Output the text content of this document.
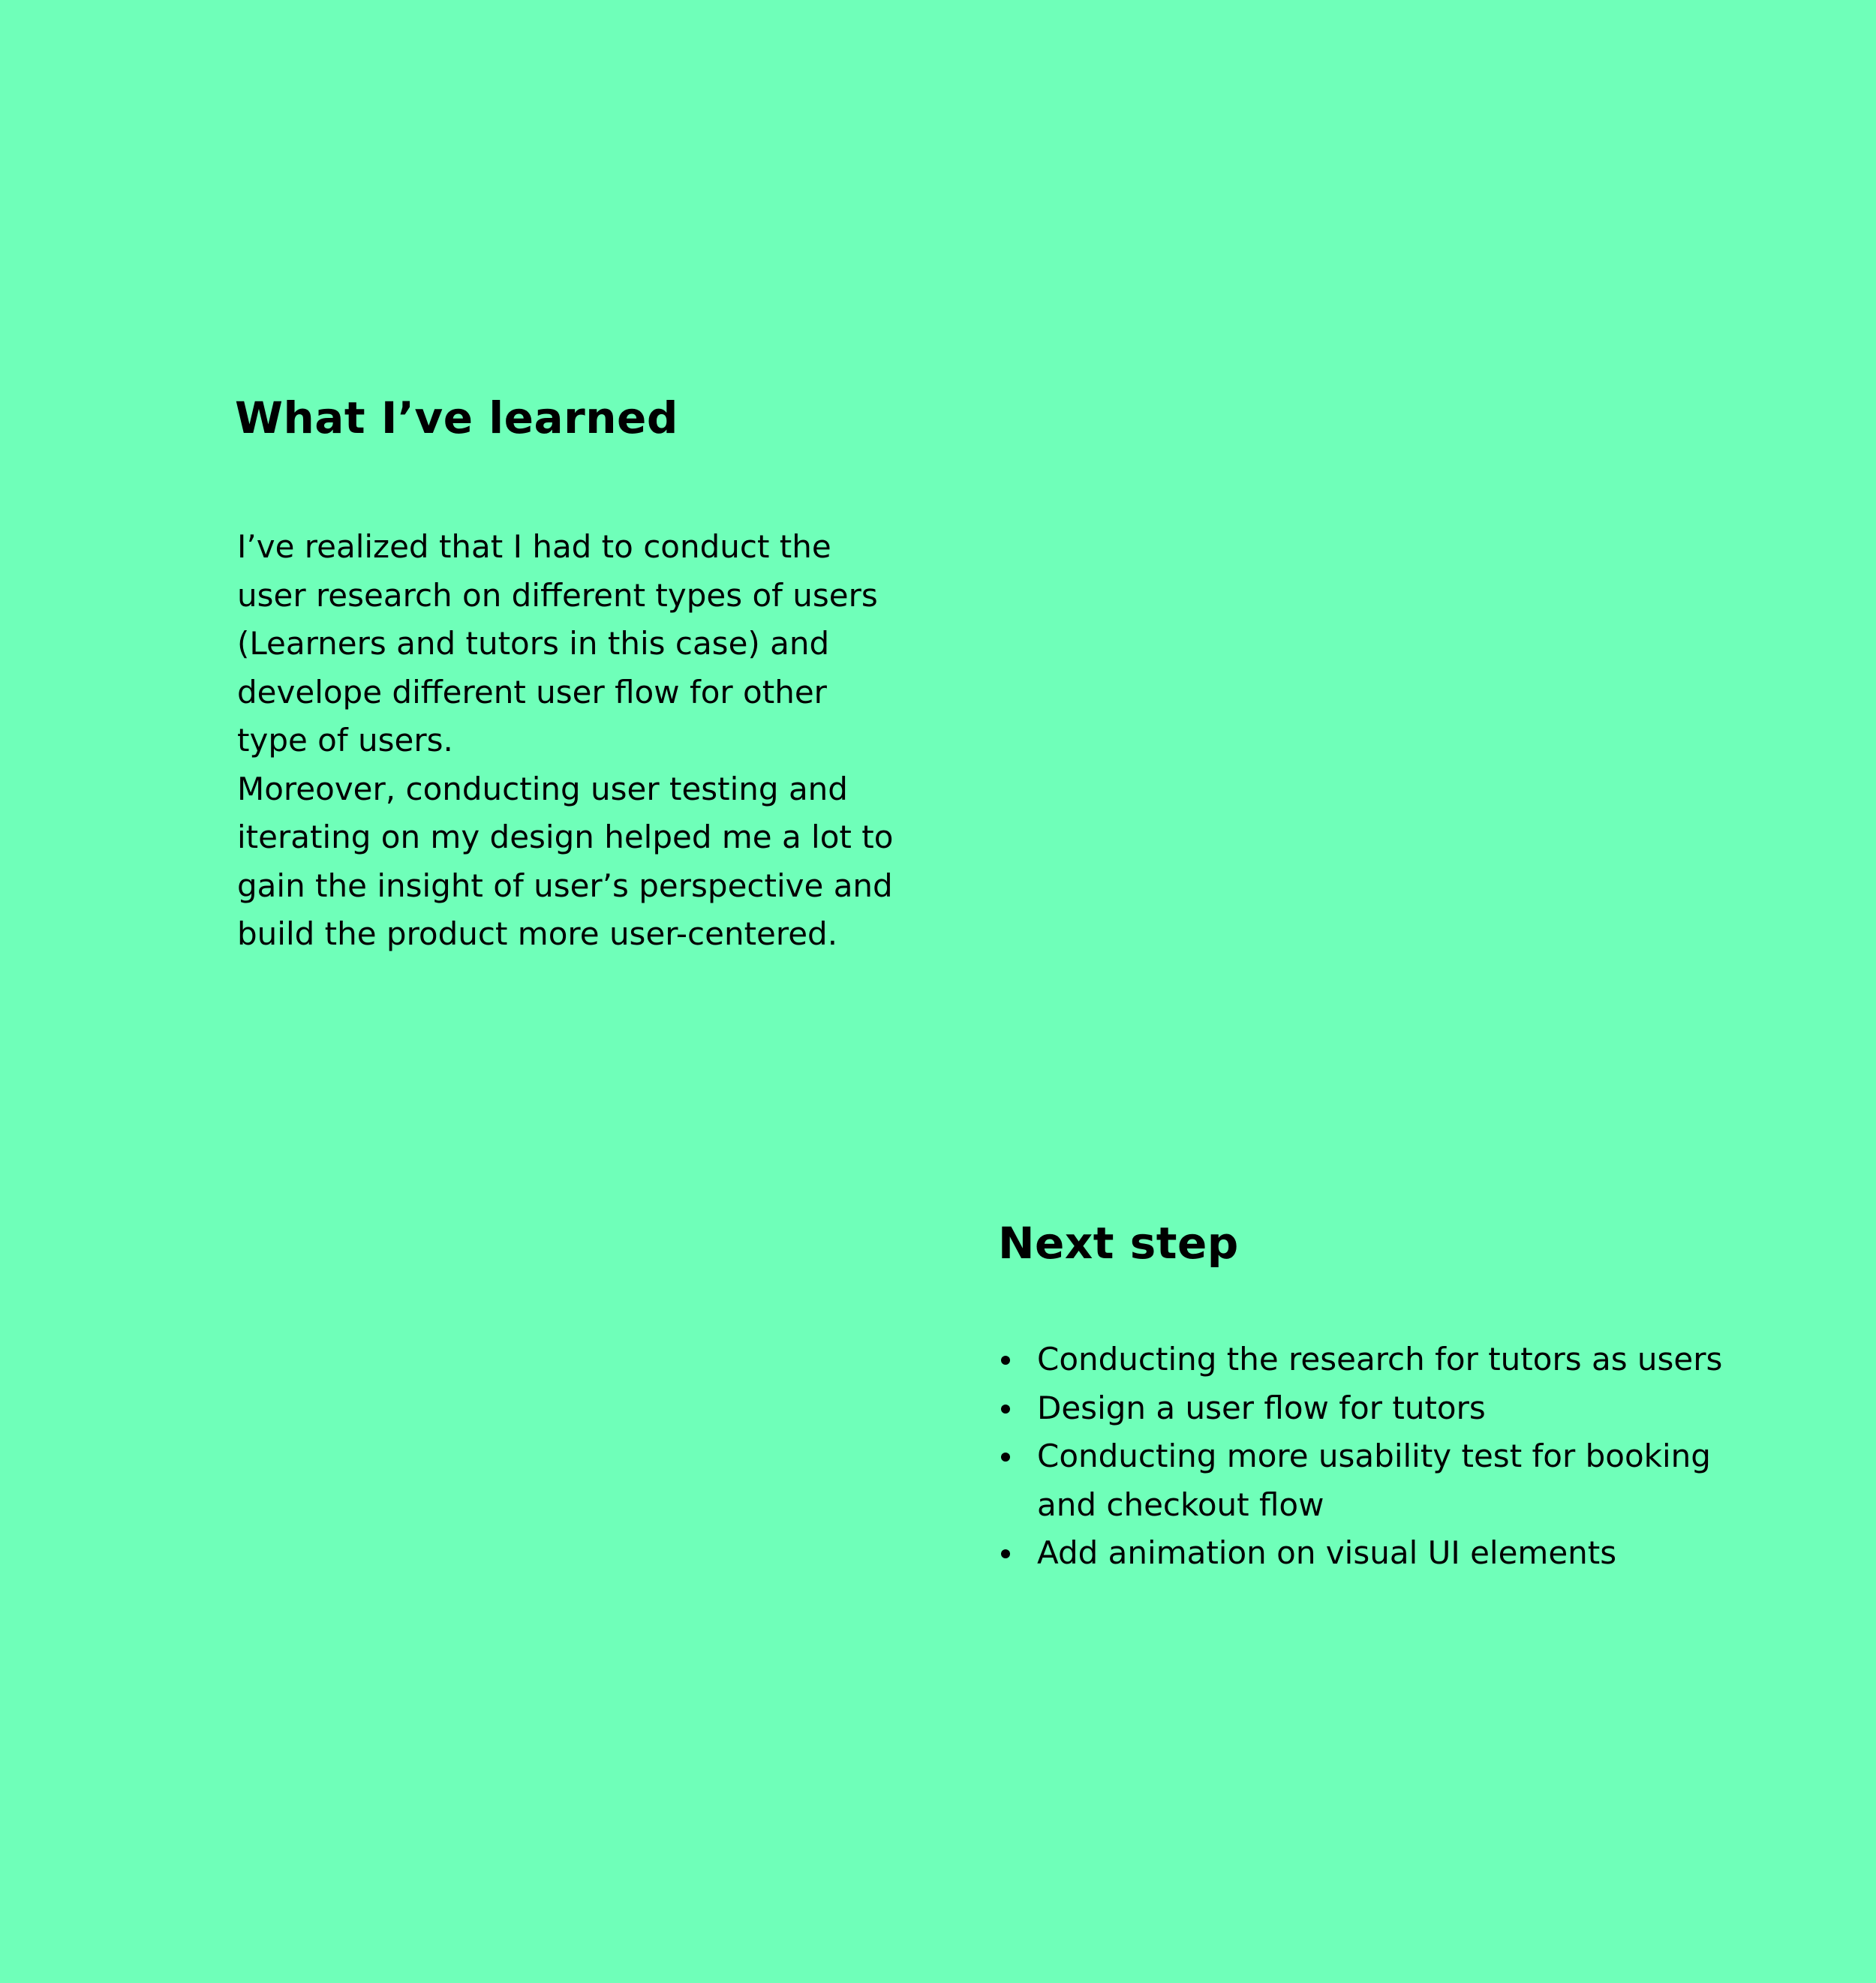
What I’ve learned

I’ve realized that I had to conduct the

user research on different types of users

(Learners and tutors in this case) and

develope different user flow for other

type of users.

Moreover, conducting user testing and

iterating on my design helped me a lot to

gain the insight of user’s perspective and

build the product more user-centered.

Next step
Conducting the research for tutors as users
Design a user flow for tutors
Conducting more usability test for booking
and checkout flow
Add animation on visual UI elements
